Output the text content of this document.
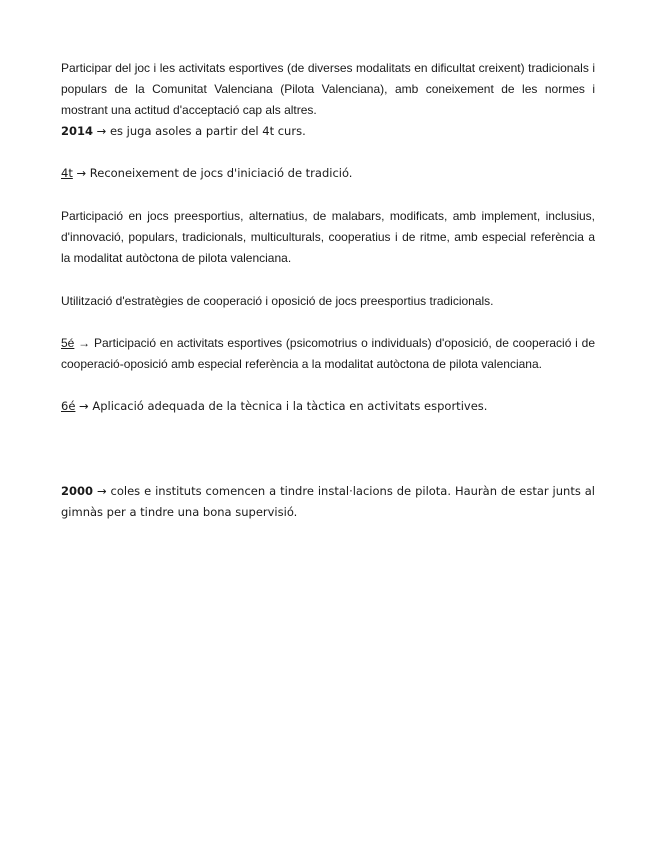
Participar del joc i les activitats esportives (de diverses modalitats en dificultat creixent) tradicionals i populars de la Comunitat Valenciana (Pilota Valenciana), amb coneixement de les normes i mostrant una actitud d'acceptació cap als altres.
2014 → es juga asoles a partir del 4t curs.
4t → Reconeixement de jocs d'iniciació de tradició.
Participació en jocs preesportius, alternatius, de malabars, modificats, amb implement, inclusius, d'innovació, populars, tradicionals, multiculturals, cooperatius i de ritme, amb especial referència a la modalitat autòctona de pilota valenciana.
Utilització d'estratègies de cooperació i oposició de jocs preesportius tradicionals.
5é → Participació en activitats esportives (psicomotrius o individuals) d'oposició, de cooperació i de cooperació-oposició amb especial referència a la modalitat autòctona de pilota valenciana.
6é → Aplicació adequada de la tècnica i la tàctica en activitats esportives.
2000 → coles e instituts comencen a tindre instal·lacions de pilota. Hauràn de estar junts al gimnàs per a tindre una bona supervisió.
